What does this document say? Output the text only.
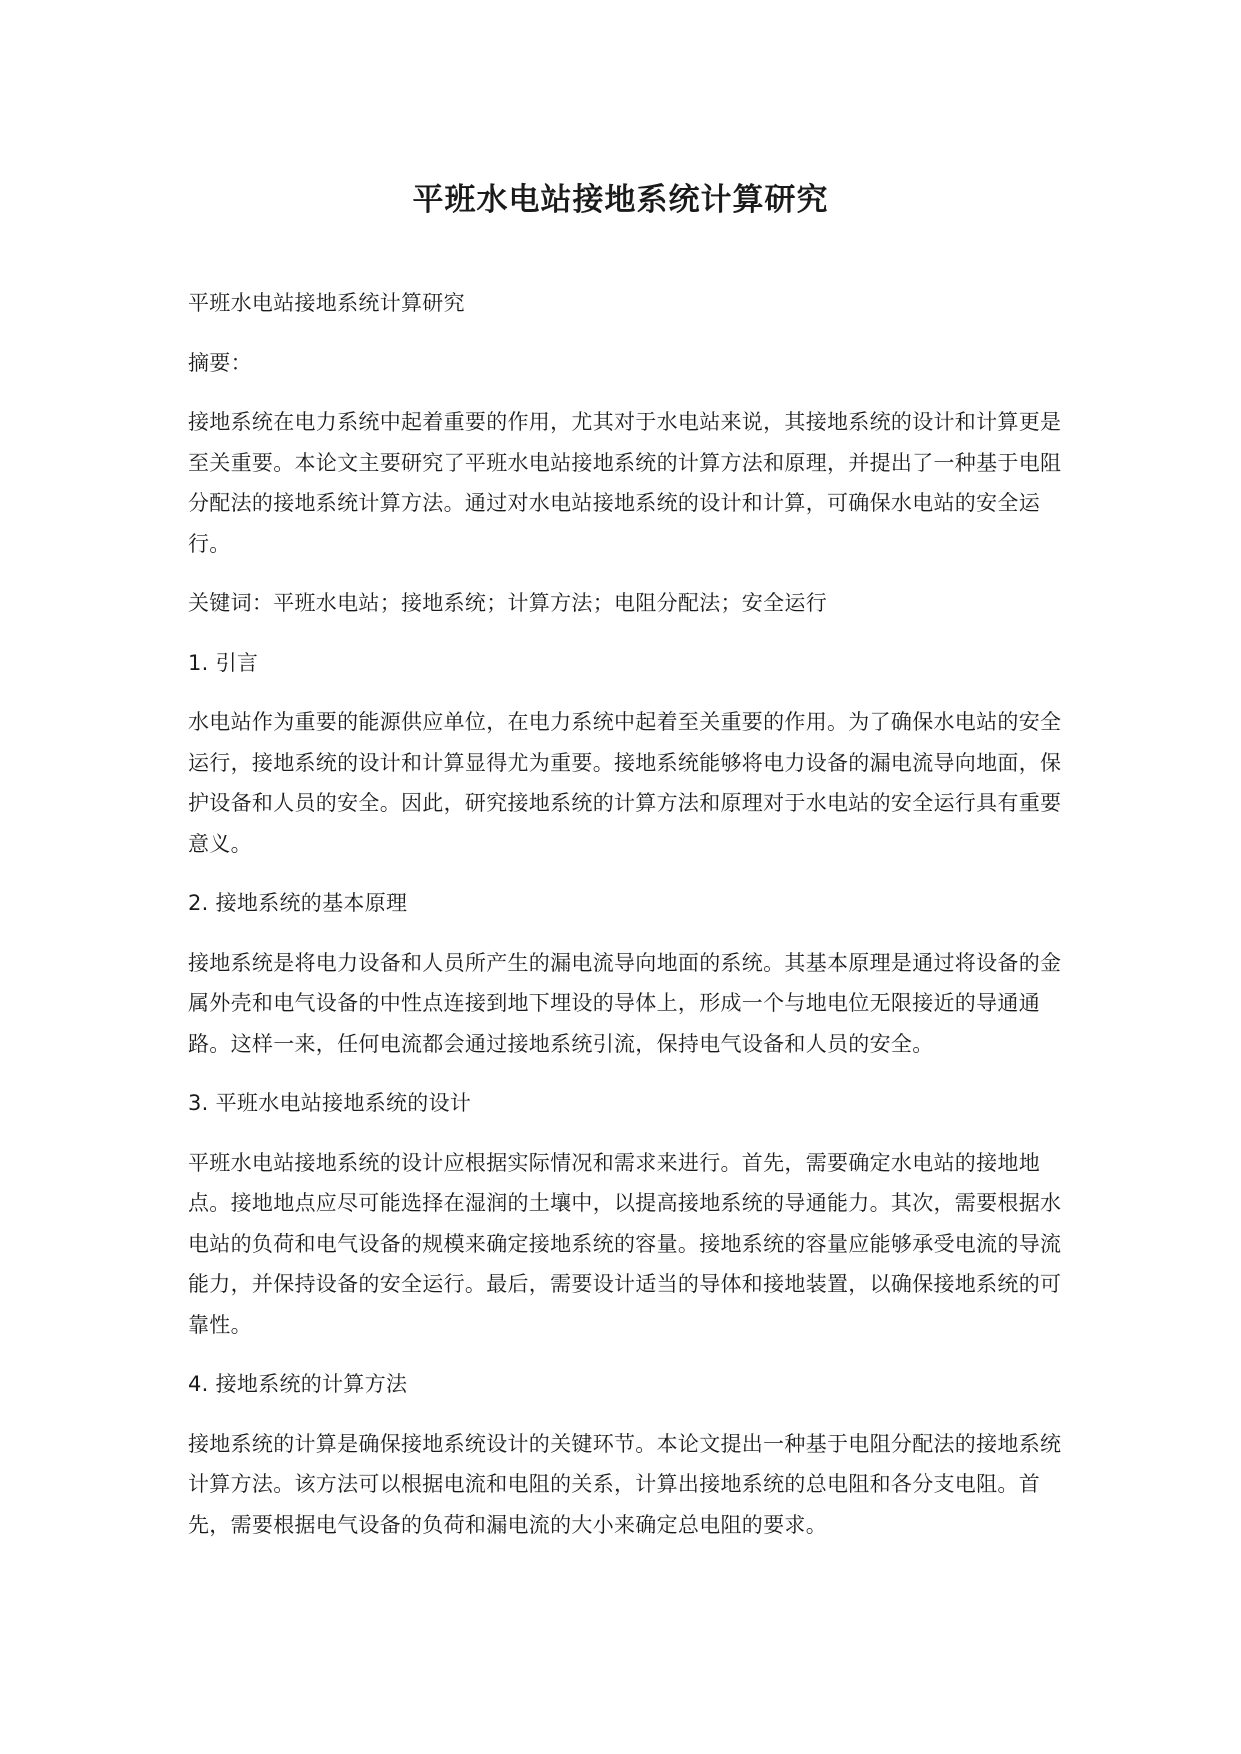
平班水电站接地系统计算研究

平班水电站接地系统计算研究

摘要：

接地系统在电力系统中起着重要的作用，尤其对于水电站来说，其接地系统的设计和计算更是至关重要。本论文主要研究了平班水电站接地系统的计算方法和原理，并提出了一种基于电阻分配法的接地系统计算方法。通过对水电站接地系统的设计和计算，可确保水电站的安全运行。

关键词：平班水电站；接地系统；计算方法；电阻分配法；安全运行

1. 引言

水电站作为重要的能源供应单位，在电力系统中起着至关重要的作用。为了确保水电站的安全运行，接地系统的设计和计算显得尤为重要。接地系统能够将电力设备的漏电流导向地面，保护设备和人员的安全。因此，研究接地系统的计算方法和原理对于水电站的安全运行具有重要意义。

2. 接地系统的基本原理

接地系统是将电力设备和人员所产生的漏电流导向地面的系统。其基本原理是通过将设备的金属外壳和电气设备的中性点连接到地下埋设的导体上，形成一个与地电位无限接近的导通通路。这样一来，任何电流都会通过接地系统引流，保持电气设备和人员的安全。

3. 平班水电站接地系统的设计

平班水电站接地系统的设计应根据实际情况和需求来进行。首先，需要确定水电站的接地地点。接地地点应尽可能选择在湿润的土壤中，以提高接地系统的导通能力。其次，需要根据水电站的负荷和电气设备的规模来确定接地系统的容量。接地系统的容量应能够承受电流的导流能力，并保持设备的安全运行。最后，需要设计适当的导体和接地装置，以确保接地系统的可靠性。

4. 接地系统的计算方法

接地系统的计算是确保接地系统设计的关键环节。本论文提出一种基于电阻分配法的接地系统计算方法。该方法可以根据电流和电阻的关系，计算出接地系统的总电阻和各分支电阻。首先，需要根据电气设备的负荷和漏电流的大小来确定总电阻的要求。
